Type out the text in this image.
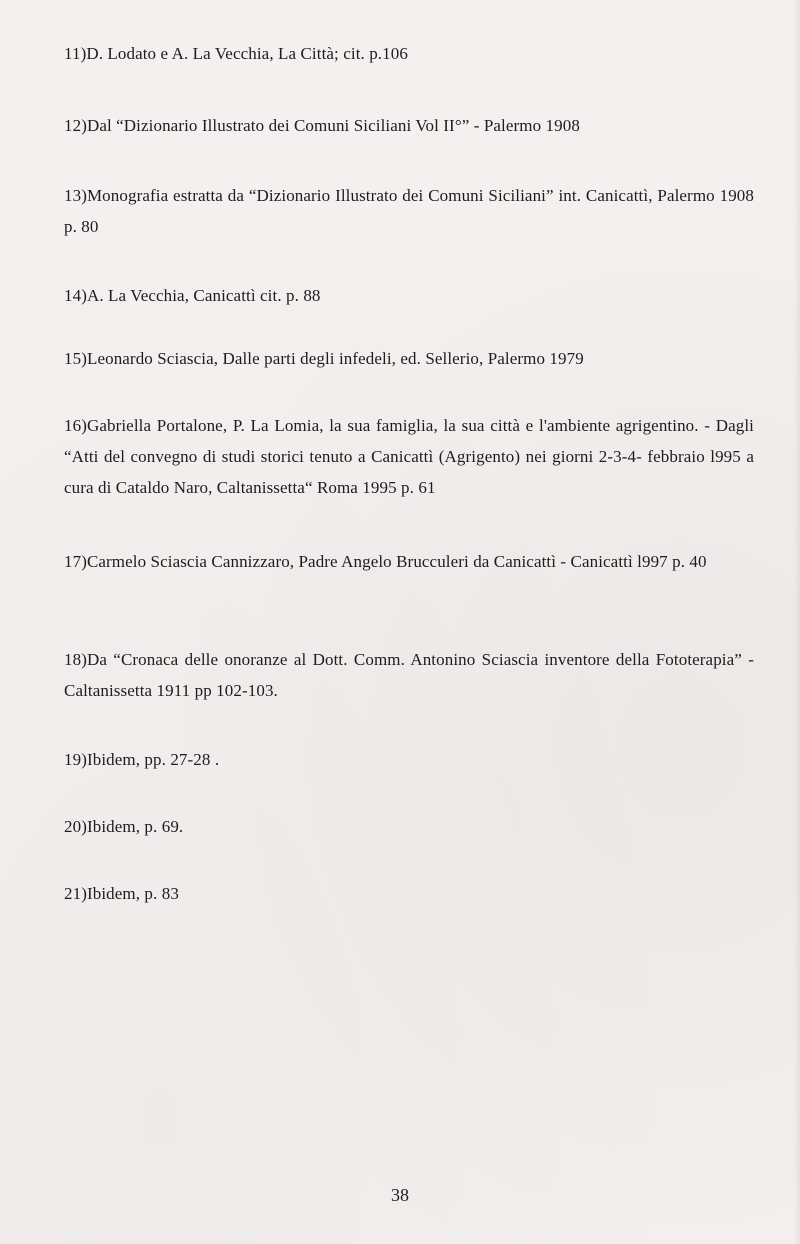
11)D. Lodato e A. La Vecchia, La Città; cit. p.106

12)Dal “Dizionario Illustrato dei Comuni Siciliani Vol II°” - Palermo 1908

13)Monografia estratta da “Dizionario Illustrato dei Comuni Siciliani” int. Canicattì, Palermo 1908 p. 80

14)A. La Vecchia, Canicattì cit. p. 88

15)Leonardo Sciascia, Dalle parti degli infedeli, ed. Sellerio, Palermo 1979

16)Gabriella Portalone, P. La Lomia, la sua famiglia, la sua città e l'ambiente agrigentino. - Dagli “Atti del convegno di studi storici tenuto a Canicattì (Agrigento) nei giorni 2-3-4- febbraio l995 a cura di Cataldo Naro, Caltanissetta“ Roma 1995 p. 61

17)Carmelo Sciascia Cannizzaro, Padre Angelo Brucculeri da Canicattì - Canicattì l997 p. 40

18)Da “Cronaca delle onoranze al Dott. Comm. Antonino Sciascia inventore della Fototerapia” - Caltanissetta 1911 pp 102-103.

19)Ibidem, pp. 27-28 .

20)Ibidem, p. 69.

21)Ibidem, p. 83

38
